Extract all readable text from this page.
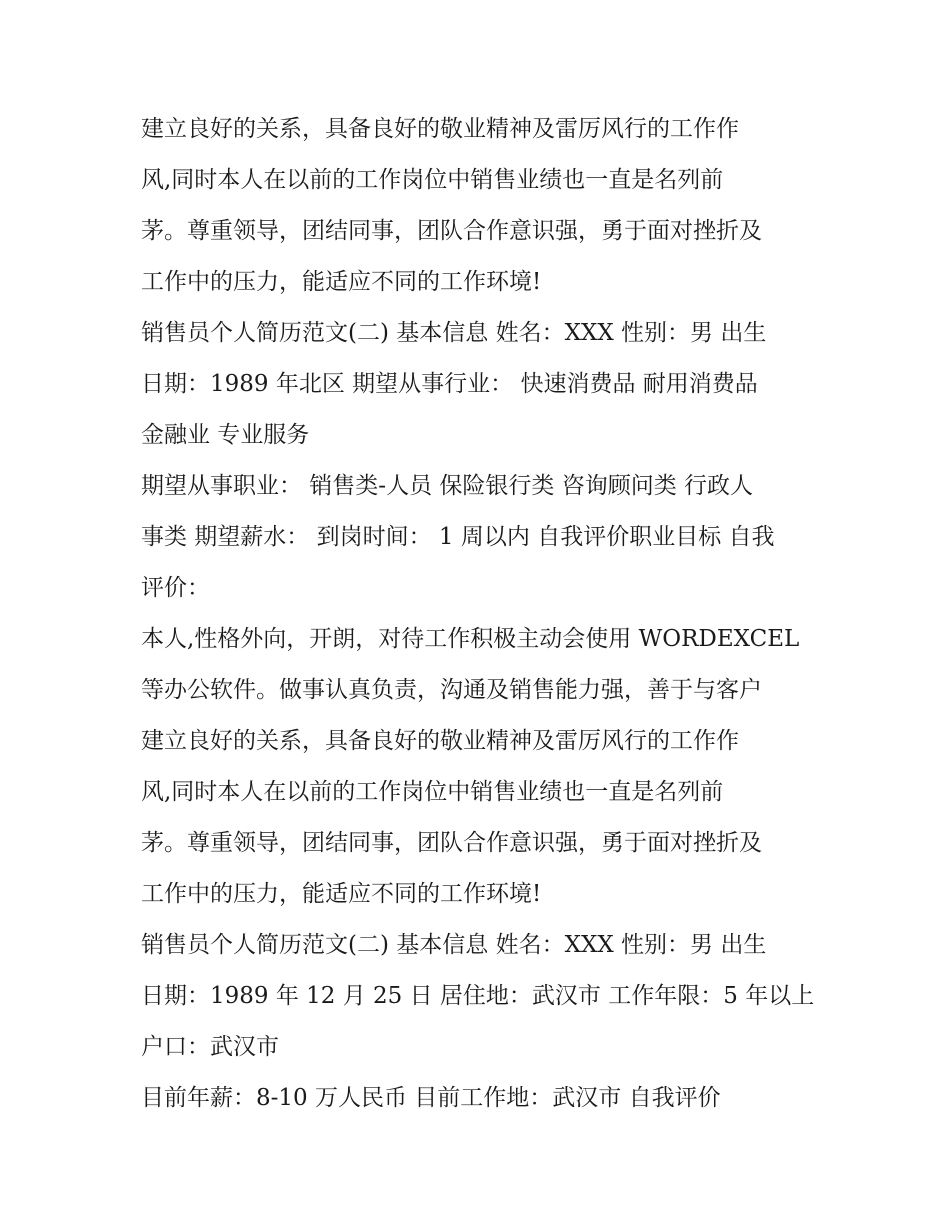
建立良好的关系，具备良好的敬业精神及雷厉风行的工作作
风,同时本人在以前的工作岗位中销售业绩也一直是名列前
茅。尊重领导，团结同事，团队合作意识强，勇于面对挫折及
工作中的压力，能适应不同的工作环境!
销售员个人简历范文(二) 基本信息 姓名：XXX 性别：男 出生
日期：1989 年北区 期望从事行业： 快速消费品 耐用消费品
金融业 专业服务
期望从事职业： 销售类-人员 保险银行类 咨询顾问类 行政人
事类 期望薪水： 到岗时间： 1 周以内 自我评价职业目标 自我
评价：
本人,性格外向，开朗，对待工作积极主动会使用 WORDEXCEL
等办公软件。做事认真负责，沟通及销售能力强，善于与客户
建立良好的关系，具备良好的敬业精神及雷厉风行的工作作
风,同时本人在以前的工作岗位中销售业绩也一直是名列前
茅。尊重领导，团结同事，团队合作意识强，勇于面对挫折及
工作中的压力，能适应不同的工作环境!
销售员个人简历范文(二) 基本信息 姓名：XXX 性别：男 出生
日期：1989 年 12 月 25 日 居住地：武汉市 工作年限：5 年以上
户口：武汉市
目前年薪：8-10 万人民币 目前工作地：武汉市 自我评价
